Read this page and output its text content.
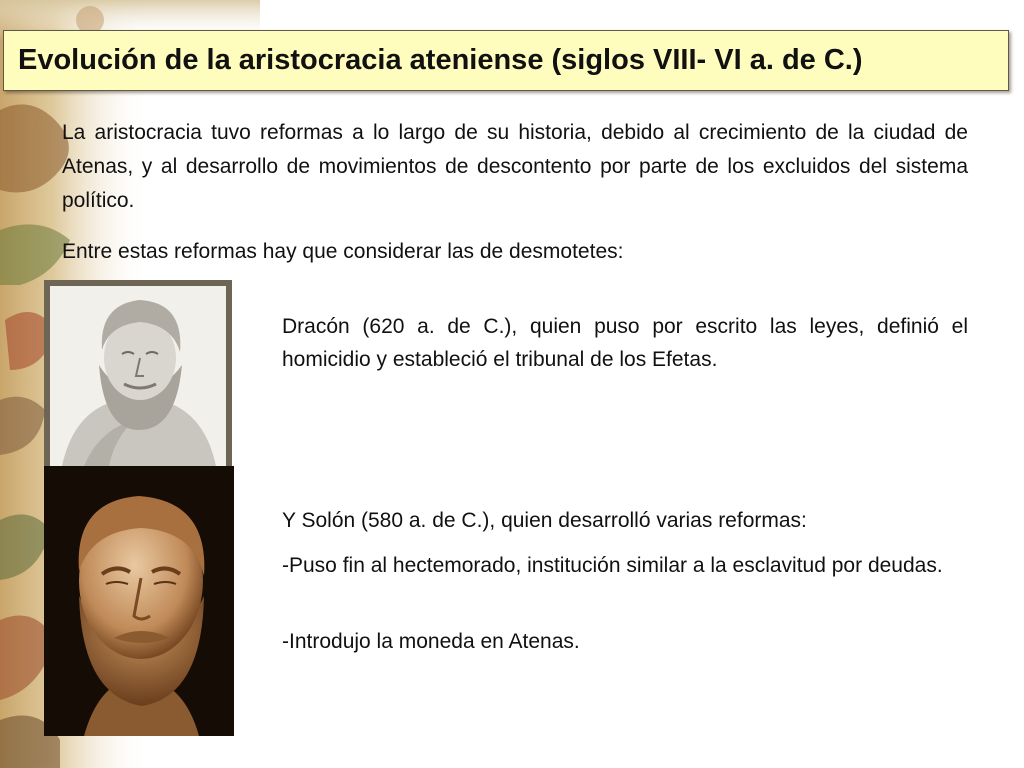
Evolución de la aristocracia ateniense (siglos VIII- VI a. de C.)

La aristocracia tuvo reformas a lo largo de su historia, debido al crecimiento de la ciudad de Atenas, y al desarrollo de movimientos de descontento por parte de los excluidos del sistema político.

Entre estas reformas hay que considerar las de desmotetes:

Dracón (620 a. de C.), quien puso por escrito las leyes, definió el homicidio y estableció el tribunal de los Efetas.

Y Solón (580 a. de C.), quien desarrolló varias reformas:

-Puso fin al hectemorado, institución similar a la esclavitud por deudas.

-Introdujo la moneda en Atenas.
